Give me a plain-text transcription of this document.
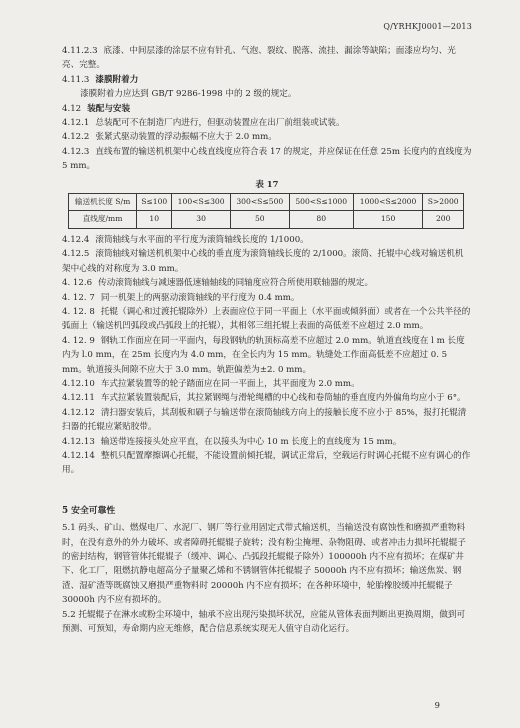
Q/YRHKJ0001—2013

4.11.2.3 底漆、中间层漆的涂层不应有针孔、气泡、裂纹、脱落、流挂、漏涂等缺陷；面漆应均匀、光亮、完整。

4.11.3 漆膜附着力

漆膜附着力应达到 GB/T 9286-1998 中的 2 级的规定。

4.12 装配与安装

4.12.1 总装配可不在制造厂内进行，但驱动装置应在出厂前组装或试装。

4.12.2 张紧式驱动装置的浮动振幅不应大于 2.0 mm。

4.12.3 直线布置的输送机机架中心线直线度应符合表 17 的规定，并应保证在任意 25m 长度内的直线度为 5 mm。

表 17
输送机长度 S/m	S≤100	100<S≤300	300<S≤500	500<S≤1000	1000<S≤2000	S>2000
直线度/mm	10	30	50	80	150	200

4.12.4 滚筒轴线与水平面的平行度为滚筒轴线长度的 1/1000。

4.12.5 滚筒轴线对输送机机架中心线的垂直度为滚筒轴线长度的 2/1000。滚筒、托辊中心线对输送机机架中心线的对称度为 3.0 mm。

4. 12.6 传动滚筒轴线与减速器低速轴轴线的同轴度应符合所使用联轴器的规定。

4. 12. 7 同一机架上的两驱动滚筒轴线的平行度为 0.4 mm。

4. 12. 8 托辊（调心和过渡托辊除外）上表面应位于同一平面上（水平面或倾斜面）或者在一个公共半径的弧面上（输送机凹弧段或凸弧段上的托辊），其相邻三组托辊上表面的高低差不应超过 2.0 mm。

4. 12. 9 钢轨工作面应在同一平面内，每段钢轨的轨顶标高差不应超过 2.0 mm。轨道直线度在 l m 长度内为 l.0 mm，在 25m 长度内为 4.0 mm，在全长内为 15 mm。轨缝处工作面高低差不应超过 0. 5 mm。轨道接头间隙不应大于 3.0 mm。轨距偏差为±2. 0 mm。

4.12.10 车式拉紧装置等的轮子踏面应在同一平面上，其平面度为 2.0 mm。

4.12.11 车式拉紧装置装配后，其拉紧钢绳与滑轮绳槽的中心线和卷筒轴的垂直度内外偏角均应小于 6°。

4.12.12 清扫器安装后，其刮板和刷子与输送带在滚筒轴线方向上的接触长度不应小于 85%，报打托辊清扫器的托辊应紧贴胶带。

4.12.13 输送带连接接头处应平直，在以接头为中心 10 m 长度上的直线度为 15 mm。

4.12.14 整机只配置摩擦调心托辊，不能设置前倾托辊，调试正常后，空载运行时调心托辊不应有调心的作用。

5 安全可靠性

5.1 码头、矿山、燃煤电厂、水泥厂、钢厂等行业用固定式带式输送机，当输送没有腐蚀性和磨损严重物料时，在没有意外的外力破坏、或者障碍托辊辊子旋转；没有粉尘掩埋、杂物阻碍、或者冲击力损坏托辊辊子的密封结构，钢管管体托辊辊子（缓冲、调心、凸弧段托辊辊子除外）100000h 内不应有损坏；在煤矿井下、化工厂，阻燃抗静电超高分子量聚乙烯和不锈钢管体托辊辊子 50000h 内不应有损坏；输送焦炭、钢渣、湿矿渣等既腐蚀又磨损严重物料时 20000h 内不应有损坏；在各种环境中，轮胎橡胶缓冲托辊辊子 30000h 内不应有损坏的。

5.2 托辊辊子在淋水或粉尘环境中，轴承不应出现污染损坏状况，应能从管体表面判断出更换周期，做到可预测、可预知，寿命期内应无维修，配合信息系统实现无人值守自动化运行。

9
